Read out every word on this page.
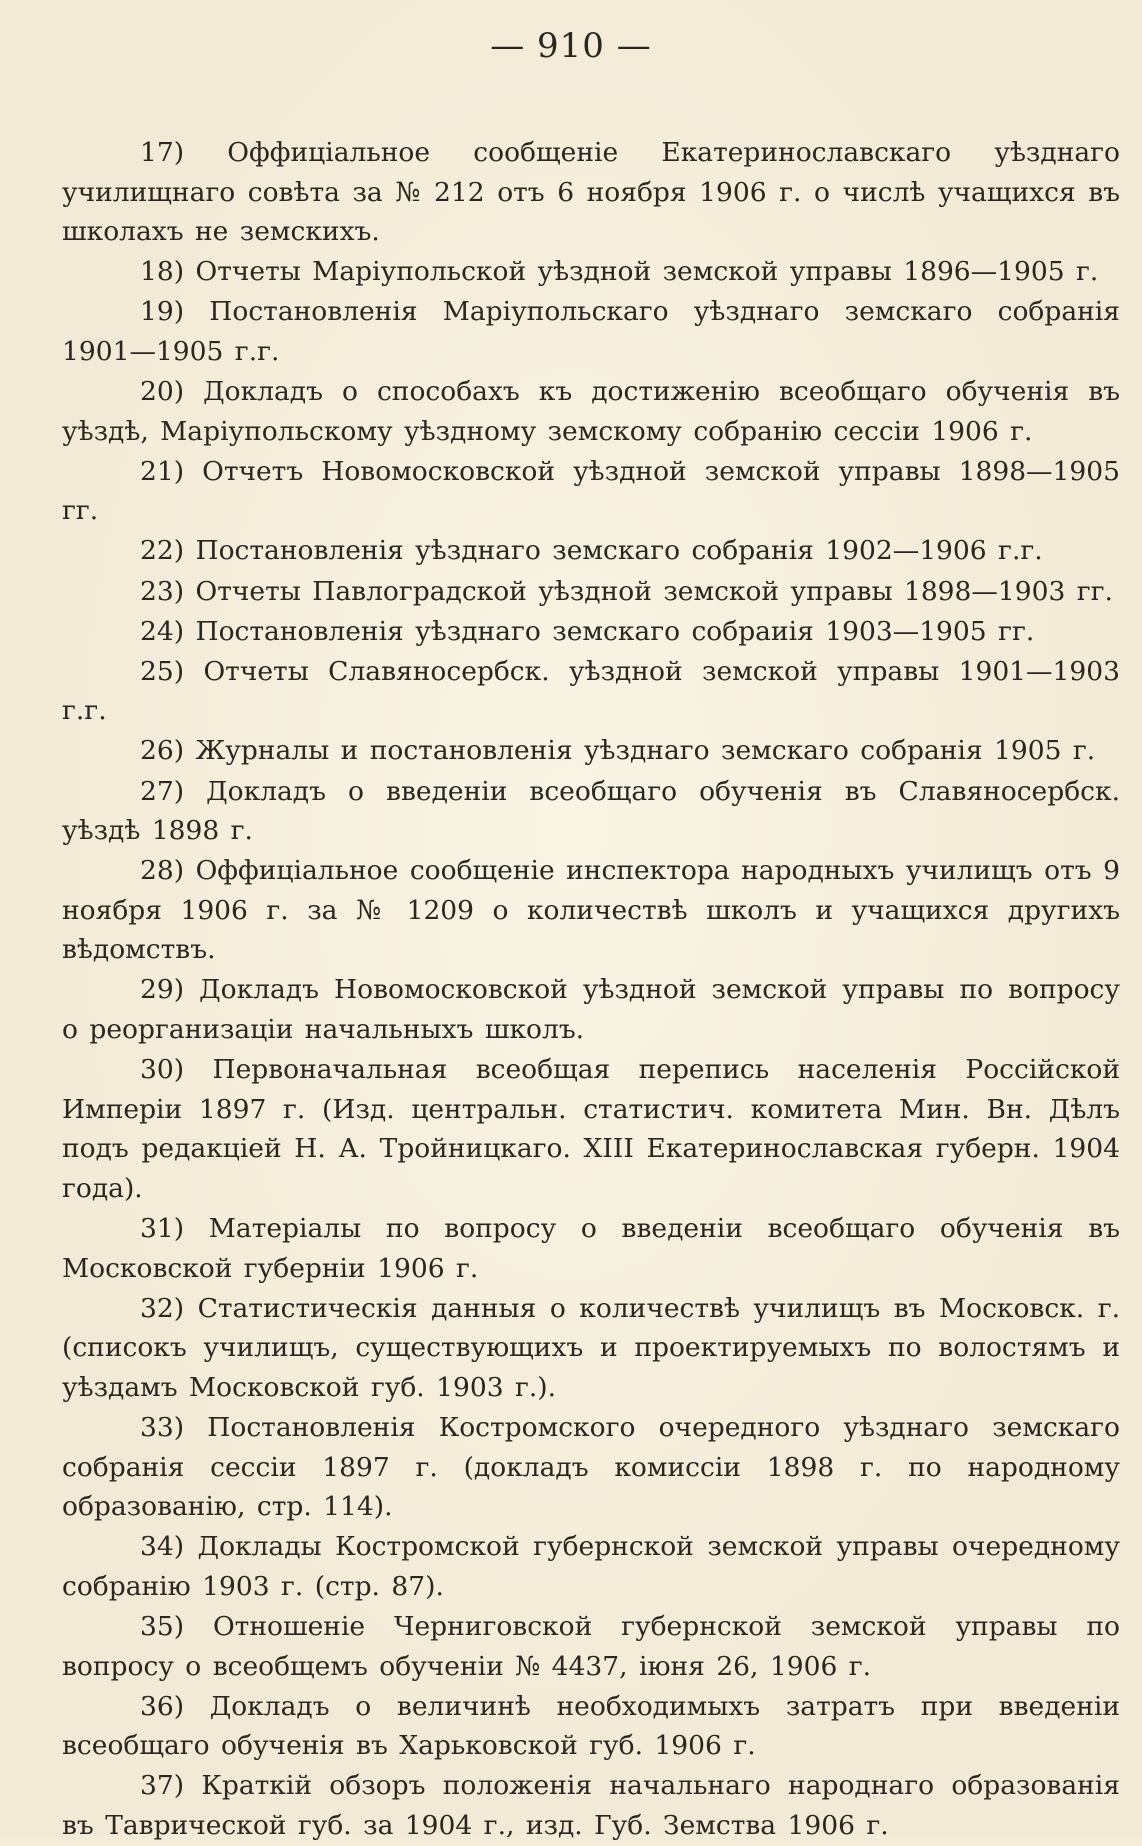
— 910 —

17) Оффиціальное сообщеніе Екатеринославскаго уѣзднаго училищнаго совѣта за № 212 отъ 6 ноября 1906 г. о числѣ учащихся въ школахъ не земскихъ.

18) Отчеты Маріупольской уѣздной земской управы 1896—1905 г.

19) Постановленія Маріупольскаго уѣзднаго земскаго собранія 1901—1905 г.г.

20) Докладъ о способахъ къ достиженію всеобщаго обученія въ уѣздѣ, Маріупольскому уѣздному земскому собранію сессіи 1906 г.

21) Отчетъ Новомосковской уѣздной земской управы 1898—1905 гг.

22) Постановленія уѣзднаго земскаго собранія 1902—1906 г.г.

23) Отчеты Павлоградской уѣздной земской управы 1898—1903 гг.

24) Постановленія уѣзднаго земскаго собраиія 1903—1905 гг.

25) Отчеты Славяносербск. уѣздной земской управы 1901—1903 г.г.

26) Журналы и постановленія уѣзднаго земскаго собранія 1905 г.

27) Докладъ о введеніи всеобщаго обученія въ Славяносербск. уѣздѣ 1898 г.

28) Оффиціальное сообщеніе инспектора народныхъ училищъ отъ 9 ноября 1906 г. за № 1209 о количествѣ школъ и учащихся другихъ вѣдомствъ.

29) Докладъ Новомосковской уѣздной земской управы по вопросу о реорганизаціи начальныхъ школъ.

30) Первоначальная всеобщая перепись населенія Россійской Имперіи 1897 г. (Изд. центральн. статистич. комитета Мин. Вн. Дѣлъ подъ редакціей Н. А. Тройницкаго. XIII Екатеринославская губерн. 1904 года).

31) Матеріалы по вопросу о введеніи всеобщаго обученія въ Московской губерніи 1906 г.

32) Статистическія данныя о количествѣ училищъ въ Московск. г. (списокъ училищъ, существующихъ и проектируемыхъ по волостямъ и уѣздамъ Московской губ. 1903 г.).

33) Постановленія Костромского очередного уѣзднаго земскаго собранія сессіи 1897 г. (докладъ комиссіи 1898 г. по народному образованію, стр. 114).

34) Доклады Костромской губернской земской управы очередному собранію 1903 г. (стр. 87).

35) Отношеніе Черниговской губернской земской управы по вопросу о всеобщемъ обученіи № 4437, іюня 26, 1906 г.

36) Докладъ о величинѣ необходимыхъ затратъ при введеніи всеобщаго обученія въ Харьковской губ. 1906 г.

37) Краткій обзоръ положенія начальнаго народнаго образованія въ Таврической губ. за 1904 г., изд. Губ. Земства 1906 г.
